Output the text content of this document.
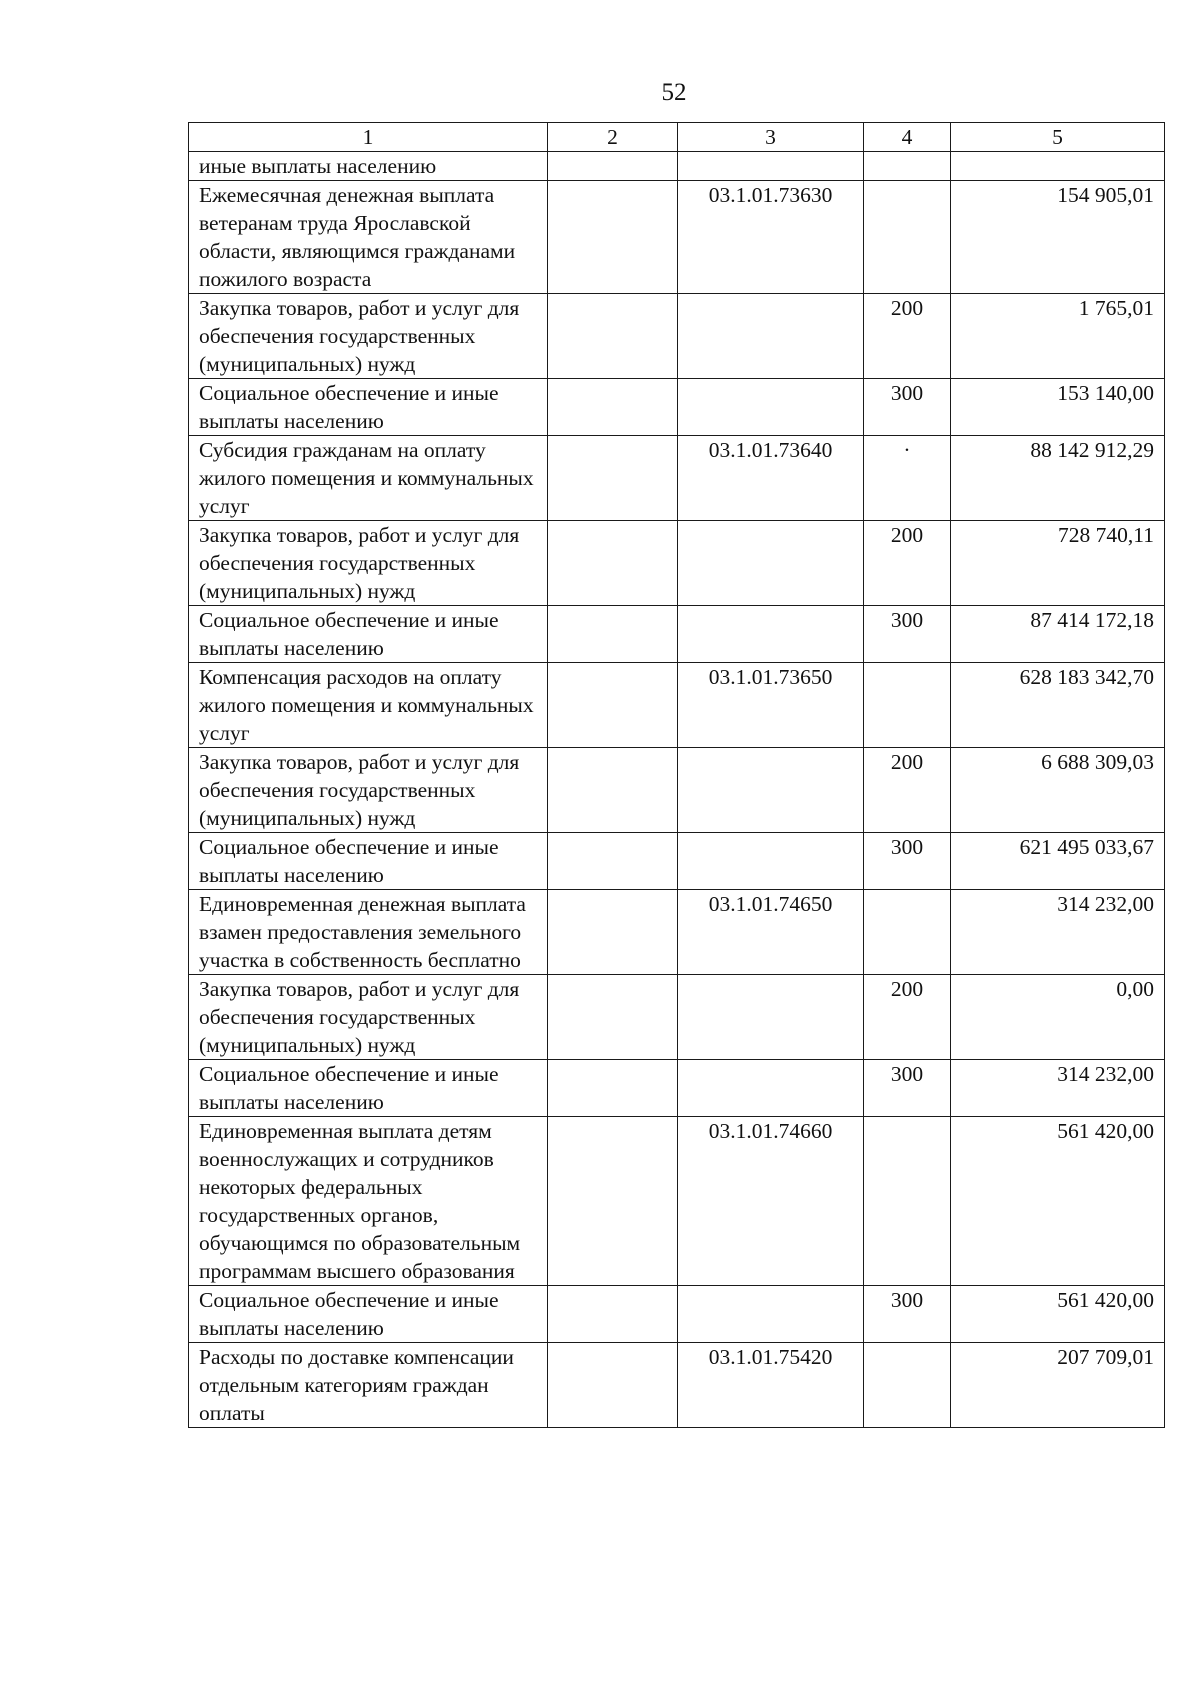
52
1	2	3	4	5
иные выплаты населению				
Ежемесячная денежная выплата ветеранам труда Ярославской области, являющимся гражданами пожилого возраста		03.1.01.73630		154 905,01
Закупка товаров, работ и услуг для обеспечения государственных (муниципальных) нужд			200	1 765,01
Социальное обеспечение и иные выплаты населению			300	153 140,00
Субсидия гражданам на оплату жилого помещения и коммунальных услуг		03.1.01.73640	·	88 142 912,29
Закупка товаров, работ и услуг для обеспечения государственных (муниципальных) нужд			200	728 740,11
Социальное обеспечение и иные выплаты населению			300	87 414 172,18
Компенсация расходов на оплату жилого помещения и коммунальных услуг		03.1.01.73650		628 183 342,70
Закупка товаров, работ и услуг для обеспечения государственных (муниципальных) нужд			200	6 688 309,03
Социальное обеспечение и иные выплаты населению			300	621 495 033,67
Единовременная денежная выплата взамен предоставления земельного участка в собственность бесплатно		03.1.01.74650		314 232,00
Закупка товаров, работ и услуг для обеспечения государственных (муниципальных) нужд			200	0,00
Социальное обеспечение и иные выплаты населению			300	314 232,00
Единовременная выплата детям военнослужащих и сотрудников некоторых федеральных государственных органов, обучающимся по образовательным программам высшего образования		03.1.01.74660		561 420,00
Социальное обеспечение и иные выплаты населению			300	561 420,00
Расходы по доставке компенсации отдельным категориям граждан оплаты		03.1.01.75420		207 709,01
